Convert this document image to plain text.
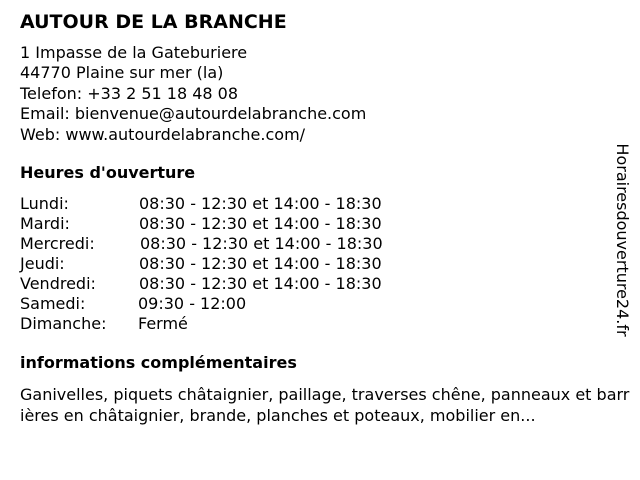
AUTOUR DE LA BRANCHE
1 Impasse de la Gateburiere
44770 Plaine sur mer (la)
Telefon: +33 2 51 18 48 08
Email: bienvenue@autourdelabranche.com
Web: www.autourdelabranche.com/
Heures d'ouverture
Lundi:	08:30 - 12:30 et 14:00 - 18:30
Mardi:	08:30 - 12:30 et 14:00 - 18:30
Mercredi:	08:30 - 12:30 et 14:00 - 18:30
Jeudi:	08:30 - 12:30 et 14:00 - 18:30
Vendredi:	08:30 - 12:30 et 14:00 - 18:30
Samedi:	09:30 - 12:00
Dimanche: Fermé
informations complémentaires
Ganivelles, piquets châtaignier, paillage, traverses chêne, panneaux et barrières en châtaignier, brande, planches et poteaux, mobilier en...
Horairesdouverture24.fr
